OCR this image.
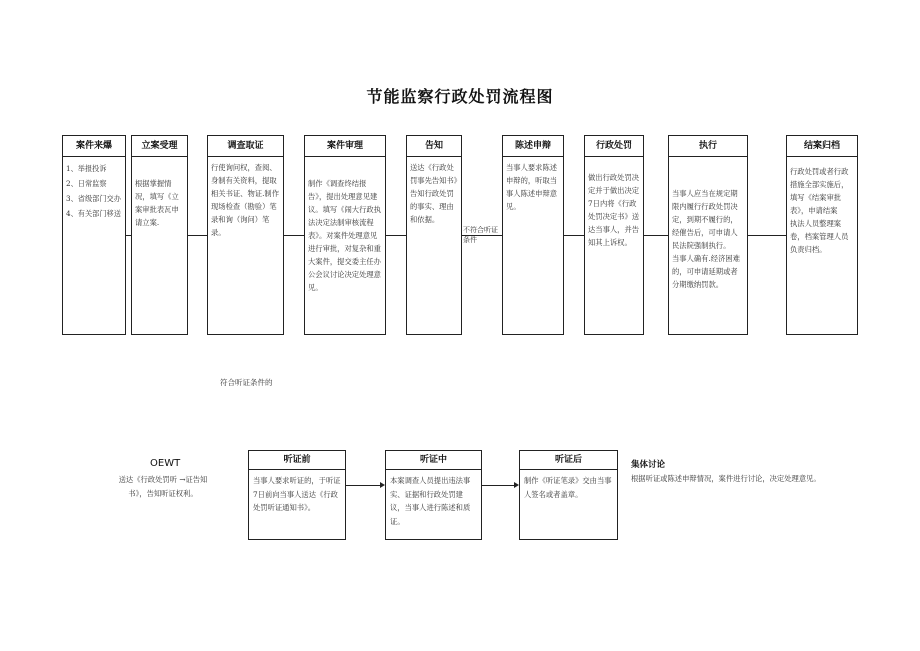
节能监察行政处罚流程图
案件来爆
1、举报投诉
2、日常监察
3、省级部门交办
4、有关部门移送
立案受理
根据掌握情况，填写《立案审批表瓦申请立案.
调查取证
行使询问权，查阅、身制有关资料，提取相关书证、物证.制作现场检查（勘验）笔录和询（询问）笔录。
案件审理
制作《调查终结报告》，提出处理意见建议。填写《闹大行政执法决定法制审核流程表》。对案件处理意见进行审批，对复杂和重大案件，提交委主任办公会议讨论决定处理意见。
告知
送达《行政处罚事先告知书》告知行政处罚的事实、理由和依据。
陈述申辩
当事人要求陈述申辩的，听取当事人陈述申辩意见。
行政处罚
做出行政处罚决定并于做出决定7日内将《行政处罚决定书》送达当事人，并告知其上诉权。
执行
当事人应当在规定期限内履行行政处罚决定，到期不履行的，经催告后，可申请人民法院强制执行。
当事人确有.经济困难的，可申请延期或者分期缴纳罚款。
结案归档
行政处罚或者行政措施全部实施后，填写《结案审批表》，申请结案
执法人员整理案卷，档案管理人员负责归档。
不符合听证条件
符合听证条件的
OEWT
送达《行政处罚听 →证告知书》，告知听证权利。
听证前
当事人要求听证的，于听证7日前向当事人送达《行政处罚听证通知书》。
听证中
本案调查人员提出违法事实、证据和行政处罚建议，当事人进行陈述和质证。
听证后
制作《听证笔录》交由当事人签名或者盖章。
集体讨论
根据听证或陈述申辩情况，案件进行讨论，决定处理意见。
